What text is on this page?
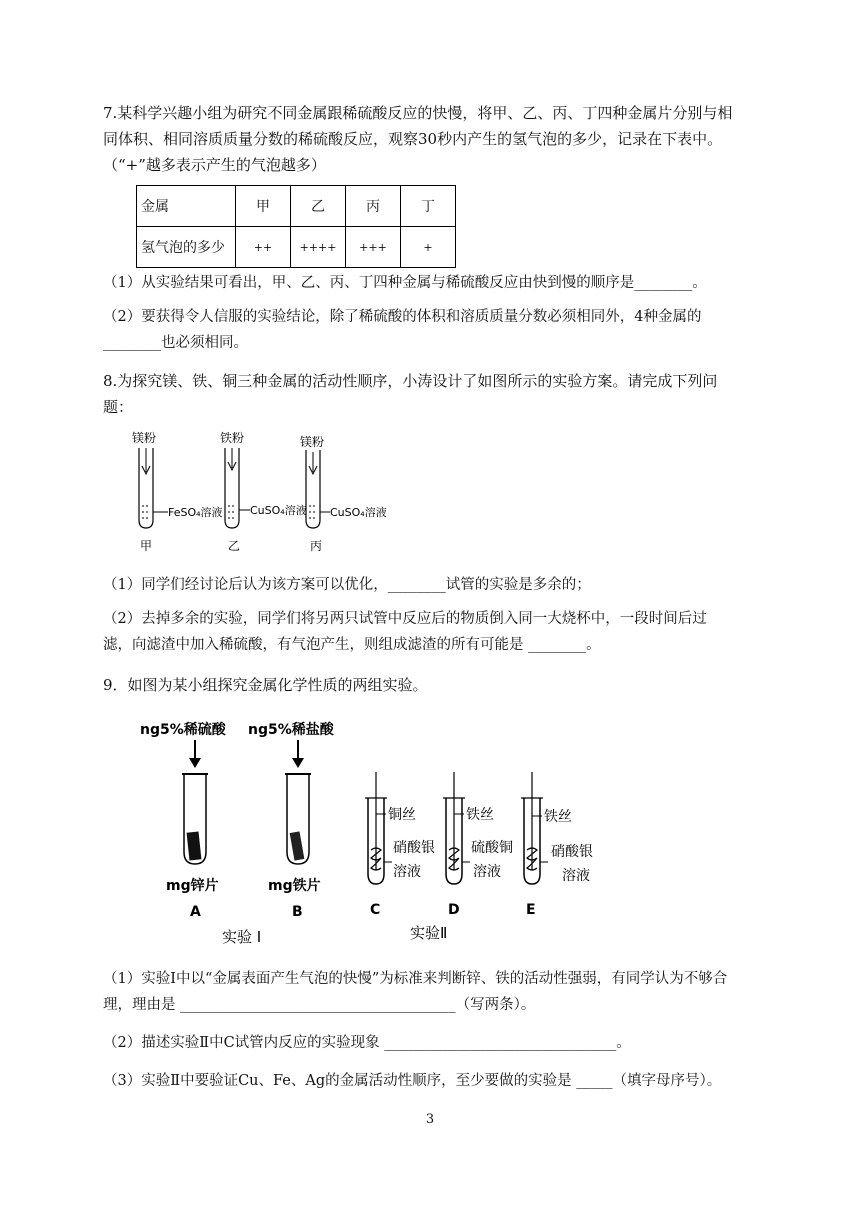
7.某科学兴趣小组为研究不同金属跟稀硫酸反应的快慢，将甲、乙、丙、丁四种金属片分别与相同体积、相同溶质质量分数的稀硫酸反应，观察30秒内产生的氢气泡的多少，记录在下表中。（“+”越多表示产生的气泡越多）

金属	甲	乙	丙	丁
氢气泡的多少	++	++++	+++	+

（1）从实验结果可看出，甲、乙、丙、丁四种金属与稀硫酸反应由快到慢的顺序是________。

（2）要获得令人信服的实验结论，除了稀硫酸的体积和溶质质量分数必须相同外，4种金属的________也必须相同。

8.为探究镁、铁、铜三种金属的活动性顺序，小涛设计了如图所示的实验方案。请完成下列问题：

镁粉
FeSO₄溶液
甲
铁粉
CuSO₄溶液
乙
镁粉
CuSO₄溶液
丙

（1）同学们经讨论后认为该方案可以优化，________试管的实验是多余的；

（2）去掉多余的实验，同学们将另两只试管中反应后的物质倒入同一大烧杯中，一段时间后过滤，向滤渣中加入稀硫酸，有气泡产生，则组成滤渣的所有可能是 ________。

9．如图为某小组探究金属化学性质的两组实验。

ng5%稀硫酸
mg锌片
A
ng5%稀盐酸
mg铁片
B
实验 Ⅰ
铜丝
硝酸银
溶液
C
铁丝
硫酸铜
溶液
D
铁丝
硝酸银
溶液
E
实验Ⅱ

（1）实验Ⅰ中以“金属表面产生气泡的快慢”为标准来判断锌、铁的活动性强弱，有同学认为不够合理，理由是 ______________________________________（写两条）。

（2）描述实验Ⅱ中C试管内反应的实验现象 ________________________________。

（3）实验Ⅱ中要验证Cu、Fe、Ag的金属活动性顺序，至少要做的实验是 _____（填字母序号）。

3
